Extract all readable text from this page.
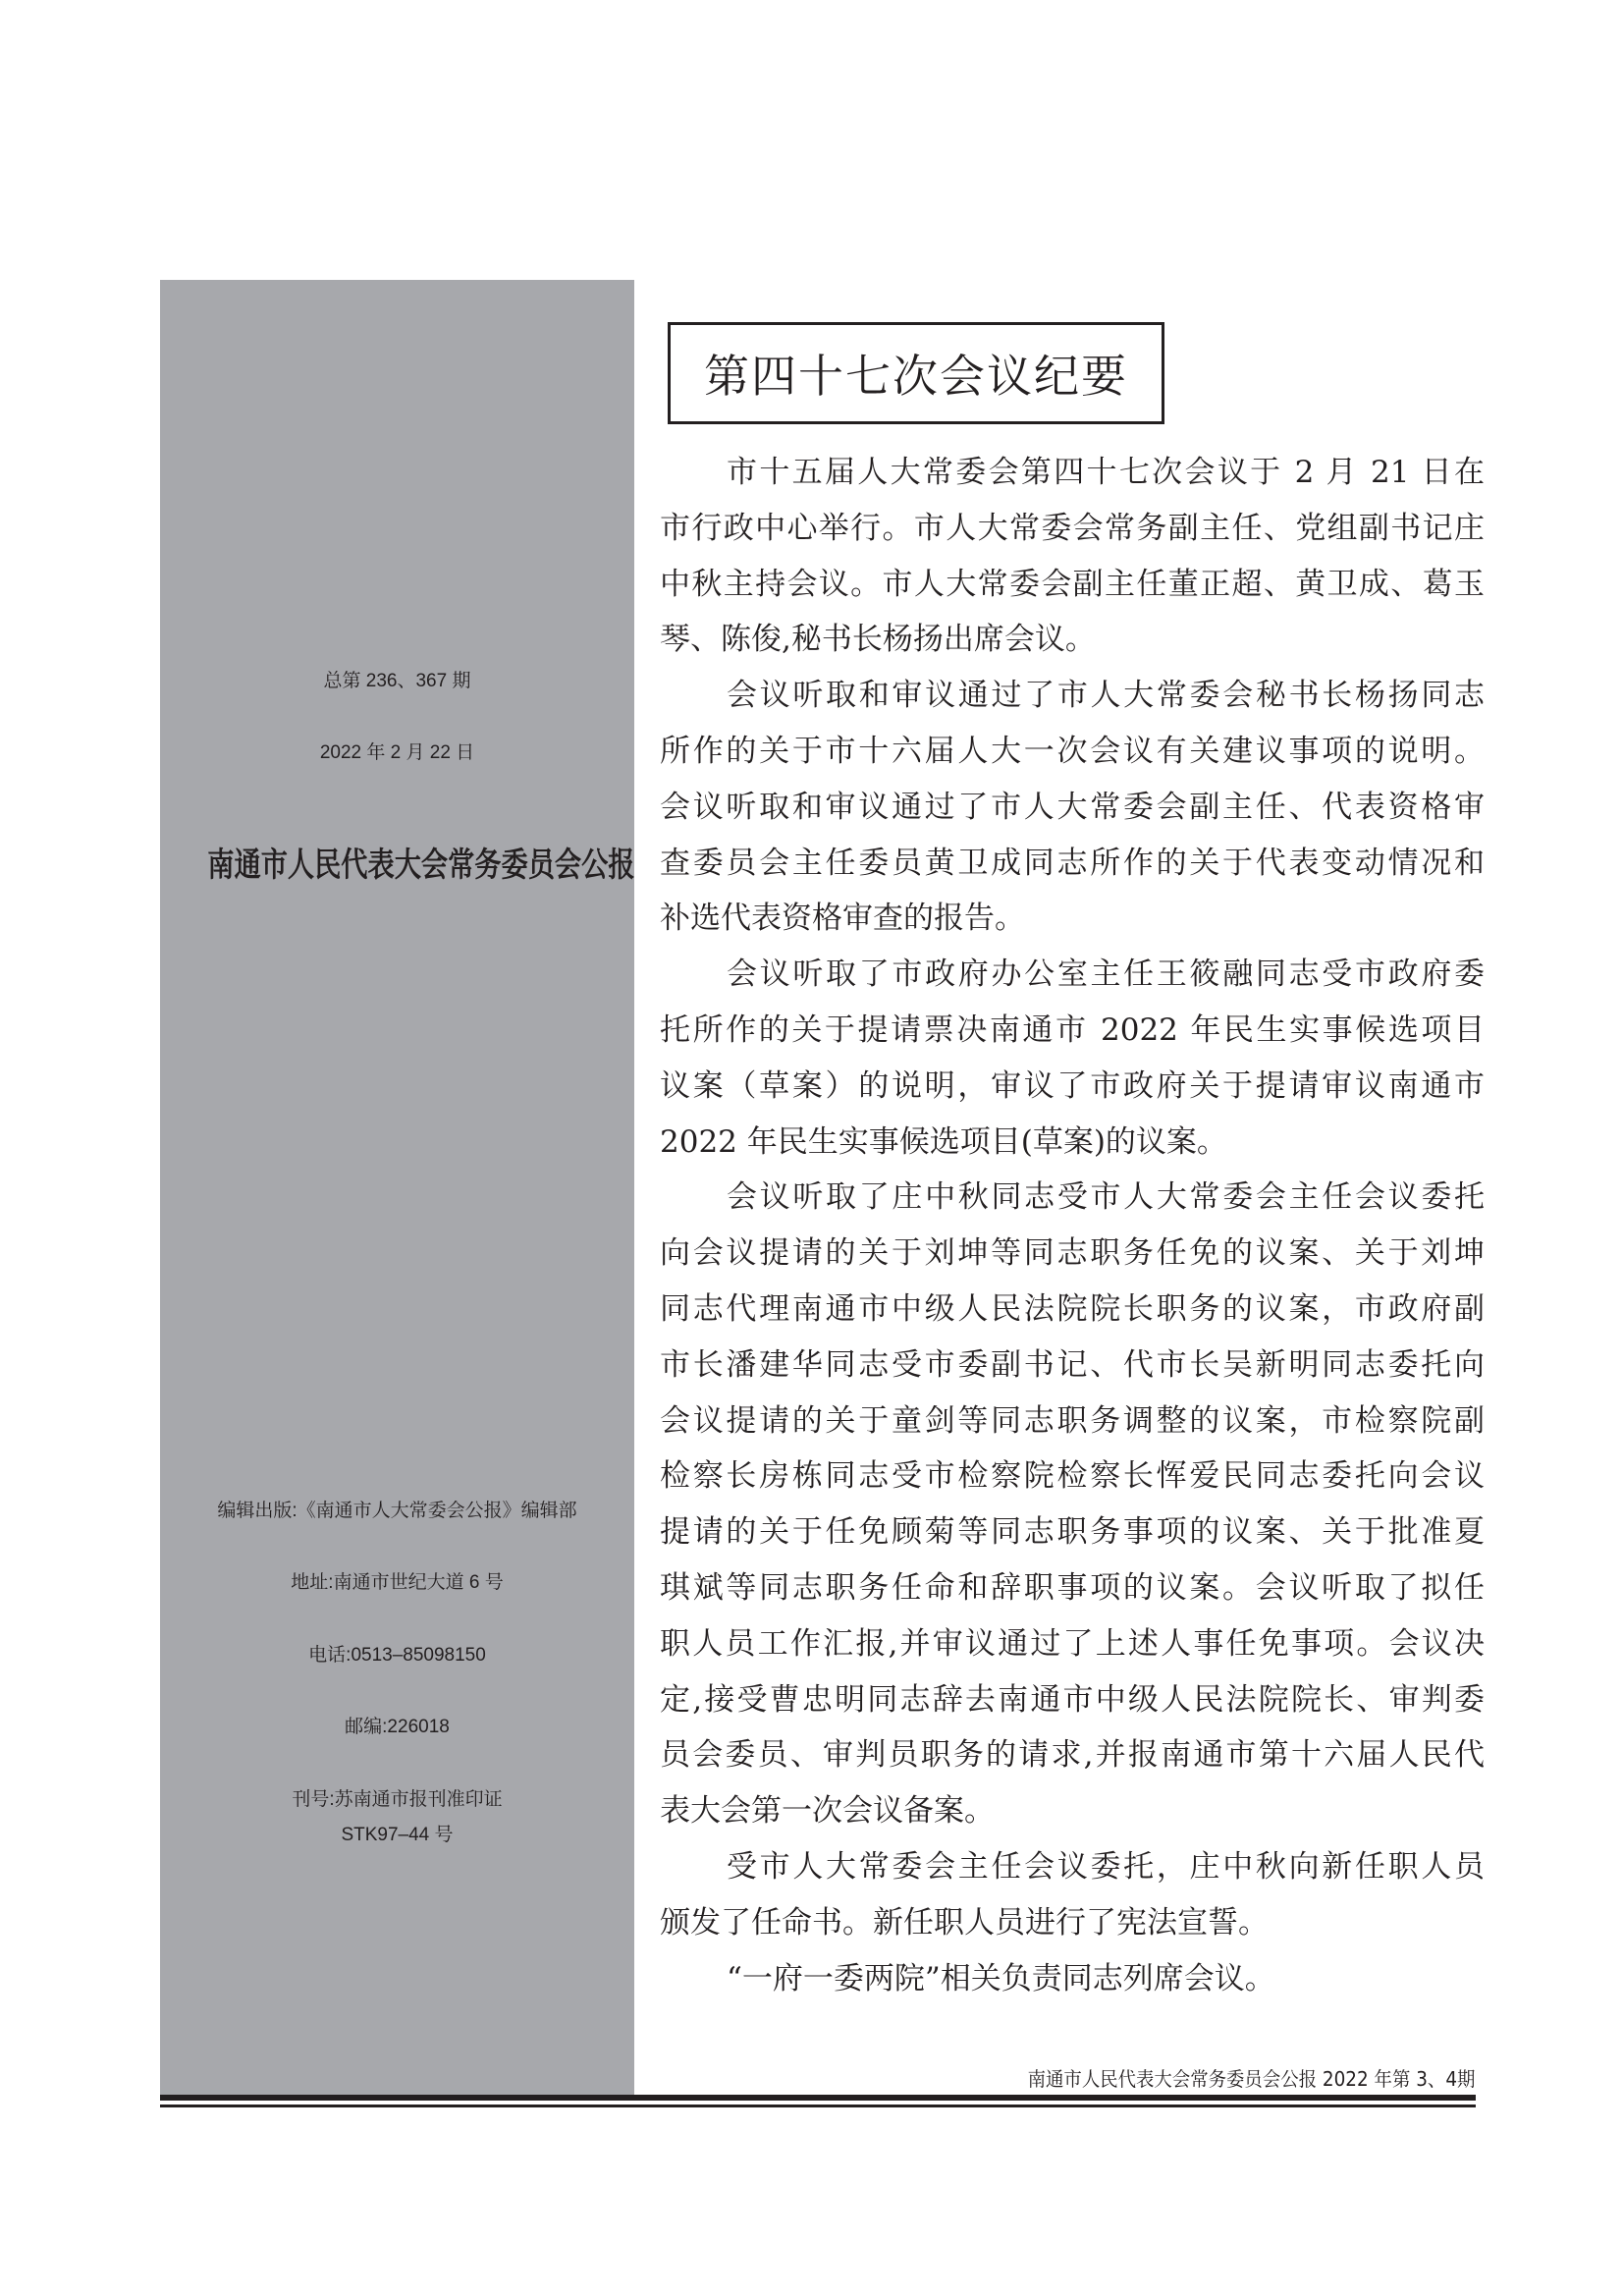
南通市人民代表大会常务委员会公报
总第 236、367 期
2022 年 2 月 22 日
编辑出版:《南通市人大常委会公报》编辑部
地址:南通市世纪大道 6 号
电话:0513–85098150
邮编:226018
刊号:苏南通市报刊准印证
STK97–44 号
第四十七次会议纪要
市十五届人大常委会第四十七次会议于 2 月 21 日在
市行政中心举行。市人大常委会常务副主任、党组副书记庄
中秋主持会议。市人大常委会副主任董正超、黄卫成、葛玉
琴、陈俊,秘书长杨扬出席会议。
会议听取和审议通过了市人大常委会秘书长杨扬同志
所作的关于市十六届人大一次会议有关建议事项的说明。
会议听取和审议通过了市人大常委会副主任、代表资格审
查委员会主任委员黄卫成同志所作的关于代表变动情况和
补选代表资格审查的报告。
会议听取了市政府办公室主任王筱融同志受市政府委
托所作的关于提请票决南通市 2022 年民生实事候选项目
议案（草案）的说明，审议了市政府关于提请审议南通市
2022 年民生实事候选项目(草案)的议案。
会议听取了庄中秋同志受市人大常委会主任会议委托
向会议提请的关于刘坤等同志职务任免的议案、关于刘坤
同志代理南通市中级人民法院院长职务的议案，市政府副
市长潘建华同志受市委副书记、代市长吴新明同志委托向
会议提请的关于童剑等同志职务调整的议案，市检察院副
检察长房栋同志受市检察院检察长恽爱民同志委托向会议
提请的关于任免顾菊等同志职务事项的议案、关于批准夏
琪斌等同志职务任命和辞职事项的议案。会议听取了拟任
职人员工作汇报,并审议通过了上述人事任免事项。会议决
定,接受曹忠明同志辞去南通市中级人民法院院长、审判委
员会委员、审判员职务的请求,并报南通市第十六届人民代
表大会第一次会议备案。
受市人大常委会主任会议委托，庄中秋向新任职人员
颁发了任命书。新任职人员进行了宪法宣誓。
“一府一委两院”相关负责同志列席会议。
南通市人民代表大会常务委员会公报 2022 年第 3、4期
